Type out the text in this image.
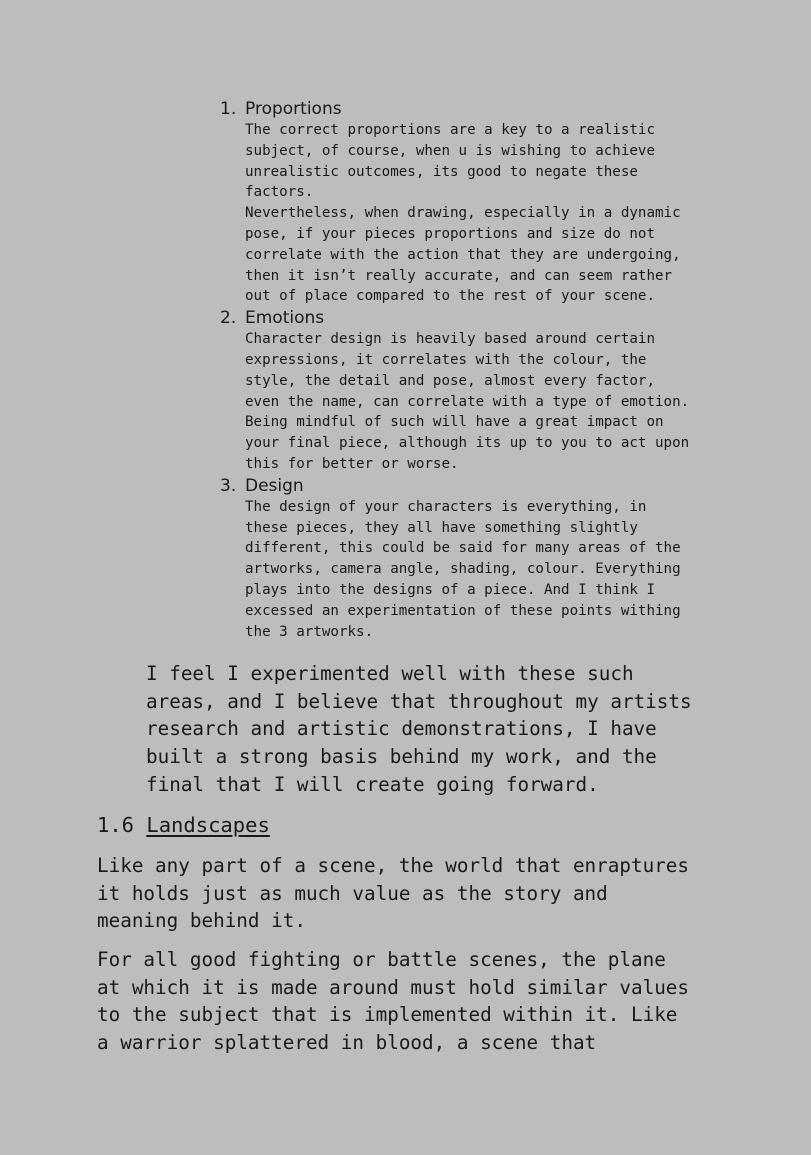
1. Proportions
The correct proportions are a key to a realistic
subject, of course, when u is wishing to achieve
unrealistic outcomes, its good to negate these
factors.
Nevertheless, when drawing, especially in a dynamic
pose, if your pieces proportions and size do not
correlate with the action that they are undergoing,
then it isn’t really accurate, and can seem rather
out of place compared to the rest of your scene.
2. Emotions
Character design is heavily based around certain
expressions, it correlates with the colour, the
style, the detail and pose, almost every factor,
even the name, can correlate with a type of emotion.
Being mindful of such will have a great impact on
your final piece, although its up to you to act upon
this for better or worse.
3. Design
The design of your characters is everything, in
these pieces, they all have something slightly
different, this could be said for many areas of the
artworks, camera angle, shading, colour. Everything
plays into the designs of a piece. And I think I
excessed an experimentation of these points withing
the 3 artworks.
I feel I experimented well with these such
areas, and I believe that throughout my artists
research and artistic demonstrations, I have
built a strong basis behind my work, and the
final that I will create going forward.
1.6 Landscapes
Like any part of a scene, the world that enraptures
it holds just as much value as the story and
meaning behind it.
For all good fighting or battle scenes, the plane
at which it is made around must hold similar values
to the subject that is implemented within it. Like
a warrior splattered in blood, a scene that
